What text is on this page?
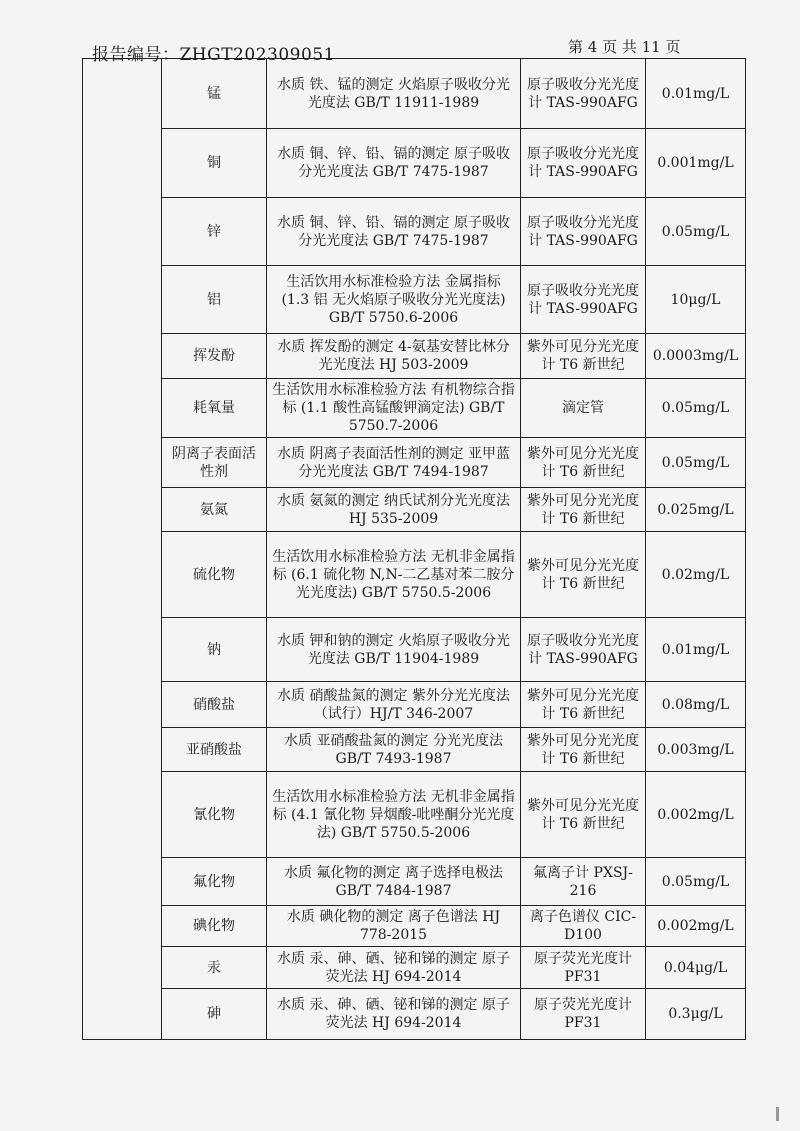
报告编号：ZHGT202309051	第 4 页 共 11 页
	锰	水质 铁、锰的测定 火焰原子吸收分光光度法 GB/T 11911-1989	原子吸收分光光度计 TAS-990AFG	0.01mg/L
	铜	水质 铜、锌、铅、镉的测定 原子吸收分光光度法 GB/T 7475-1987	原子吸收分光光度计 TAS-990AFG	0.001mg/L
	锌	水质 铜、锌、铅、镉的测定 原子吸收分光光度法 GB/T 7475-1987	原子吸收分光光度计 TAS-990AFG	0.05mg/L
	铝	生活饮用水标准检验方法 金属指标 (1.3 铝 无火焰原子吸收分光光度法) GB/T 5750.6-2006	原子吸收分光光度计 TAS-990AFG	10μg/L
	挥发酚	水质 挥发酚的测定 4-氨基安替比林分光光度法 HJ 503-2009	紫外可见分光光度计 T6 新世纪	0.0003mg/L
	耗氧量	生活饮用水标准检验方法 有机物综合指标 (1.1 酸性高锰酸钾滴定法) GB/T 5750.7-2006	滴定管	0.05mg/L
	阴离子表面活性剂	水质 阴离子表面活性剂的测定 亚甲蓝分光光度法 GB/T 7494-1987	紫外可见分光光度计 T6 新世纪	0.05mg/L
	氨氮	水质 氨氮的测定 纳氏试剂分光光度法 HJ 535-2009	紫外可见分光光度计 T6 新世纪	0.025mg/L
	硫化物	生活饮用水标准检验方法 无机非金属指标 (6.1 硫化物 N,N-二乙基对苯二胺分光光度法) GB/T 5750.5-2006	紫外可见分光光度计 T6 新世纪	0.02mg/L
	钠	水质 钾和钠的测定 火焰原子吸收分光光度法 GB/T 11904-1989	原子吸收分光光度计 TAS-990AFG	0.01mg/L
	硝酸盐	水质 硝酸盐氮的测定 紫外分光光度法（试行）HJ/T 346-2007	紫外可见分光光度计 T6 新世纪	0.08mg/L
	亚硝酸盐	水质 亚硝酸盐氮的测定 分光光度法 GB/T 7493-1987	紫外可见分光光度计 T6 新世纪	0.003mg/L
	氰化物	生活饮用水标准检验方法 无机非金属指标 (4.1 氰化物 异烟酸-吡唑酮分光光度法) GB/T 5750.5-2006	紫外可见分光光度计 T6 新世纪	0.002mg/L
	氟化物	水质 氟化物的测定 离子选择电极法 GB/T 7484-1987	氟离子计 PXSJ-216	0.05mg/L
	碘化物	水质 碘化物的测定 离子色谱法 HJ 778-2015	离子色谱仪 CIC-D100	0.002mg/L
	汞	水质 汞、砷、硒、铋和锑的测定 原子荧光法 HJ 694-2014	原子荧光光度计 PF31	0.04μg/L
	砷	水质 汞、砷、硒、铋和锑的测定 原子荧光法 HJ 694-2014	原子荧光光度计 PF31	0.3μg/L
